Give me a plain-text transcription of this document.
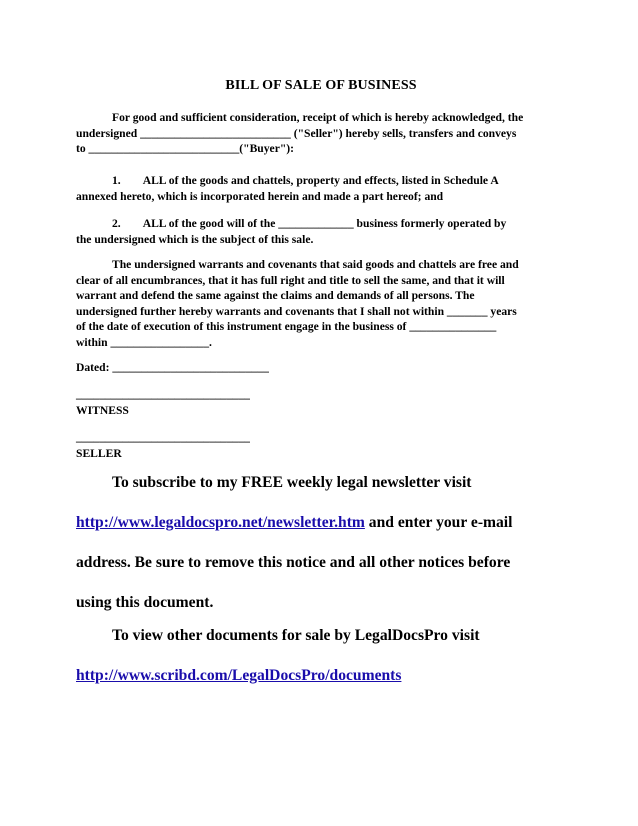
BILL OF SALE OF BUSINESS
For good and sufficient consideration, receipt of which is hereby acknowledged, the
undersigned __________________________ ("Seller") hereby sells, transfers and conveys
to __________________________("Buyer"):
1. ALL of the goods and chattels, property and effects, listed in Schedule A
annexed hereto, which is incorporated herein and made a part hereof; and
2. ALL of the good will of the _____________ business formerly operated by
the undersigned which is the subject of this sale.
The undersigned warrants and covenants that said goods and chattels are free and
clear of all encumbrances, that it has full right and title to sell the same, and that it will
warrant and defend the same against the claims and demands of all persons. The
undersigned further hereby warrants and covenants that I shall not within _______ years
of the date of execution of this instrument engage in the business of _______________
within _________________.
Dated: ___________________________
______________________________
WITNESS
______________________________
SELLER
To subscribe to my FREE weekly legal newsletter visit
http://www.legaldocspro.net/newsletter.htm and enter your e-mail
address. Be sure to remove this notice and all other notices before
using this document.
To view other documents for sale by LegalDocsPro visit
http://www.scribd.com/LegalDocsPro/documents
